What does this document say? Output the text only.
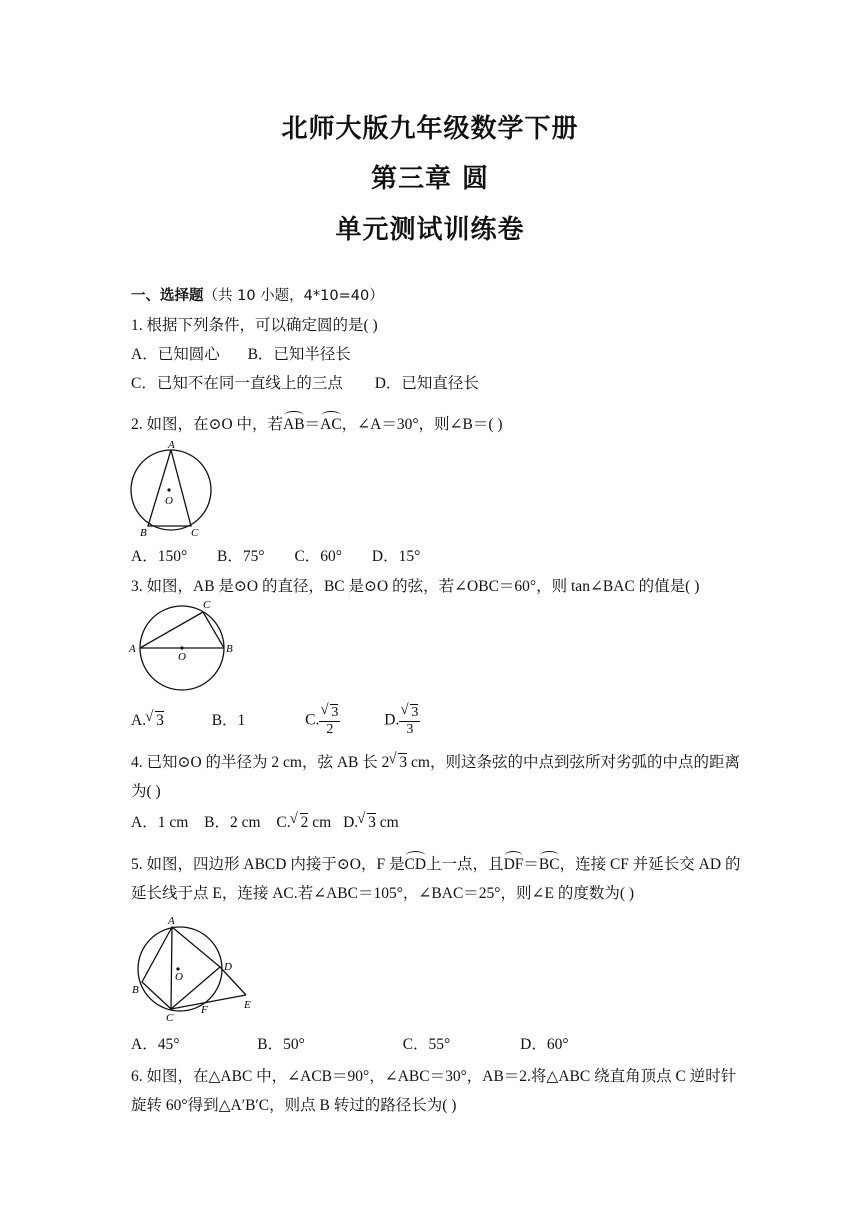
北师大版九年级数学下册
第三章 圆
单元测试训练卷
一、选择题（共 10 小题，4*10=40）
1. 根据下列条件，可以确定圆的是( )
A．已知圆心 B．已知半径长
C．已知不在同一直线上的三点 D．已知直径长
2. 如图，在⊙O 中，若AB＝AC，∠A＝30°，则∠B＝( )
A
O
B	C
A．150° B．75° C．60° D．15°
3. 如图，AB 是⊙O 的直径，BC 是⊙O 的弦，若∠OBC＝60°，则 tan∠BAC 的值是( )
A	B
C
O
A. √ 3	B．1	C. √ $\frac{3}{2}$	D. √ $\frac{3}{3}$
4. 已知⊙O 的半径为 2 cm，弦 AB 长 2 √ 3 cm，则这条弦的中点到弦所对劣弧的中点的距离
为( )
A．1 cm B．2 cm C. √ 2 cm D. √ 3 cm
5. 如图，四边形 ABCD 内接于⊙O，F 是CD上一点，且DF＝BC，连接 CF 并延长交 AD 的
延长线于点 E，连接 AC.若∠ABC＝105°，∠BAC＝25°，则∠E 的度数为( )
A
B
C
D
E
F
O
A．45°	B．50°	C．55°	D．60°
6. 如图，在△ABC 中，∠ACB＝90°，∠ABC＝30°，AB＝2.将△ABC 绕直角顶点 C 逆时针
旋转 60°得到△A′B′C，则点 B 转过的路径长为( )
